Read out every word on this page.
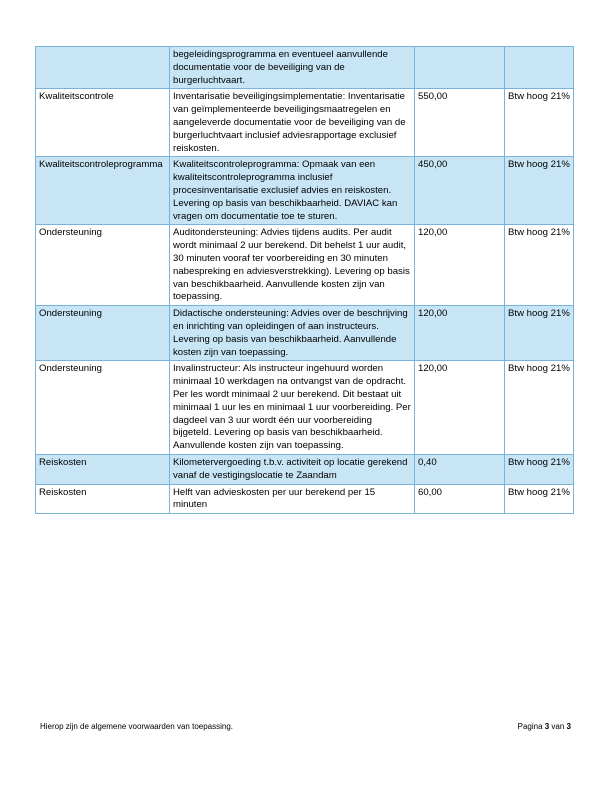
	begeleidingsprogramma en eventueel aanvullende documentatie voor de beveiliging van de burgerluchtvaart.		
Kwaliteitscontrole	Inventarisatie beveiligingsimplementatie: Inventarisatie van geïmplementeerde beveiligingsmaatregelen en aangeleverde documentatie voor de beveiliging van de burgerluchtvaart inclusief adviesrapportage exclusief reiskosten.	550,00	Btw hoog 21%
Kwaliteitscontroleprogramma	Kwaliteitscontroleprogramma: Opmaak van een kwaliteitscontroleprogramma inclusief procesinventarisatie exclusief advies en reiskosten. Levering op basis van beschikbaarheid. DAVIAC kan vragen om documentatie toe te sturen.	450,00	Btw hoog 21%
Ondersteuning	Auditondersteuning: Advies tijdens audits. Per audit wordt minimaal 2 uur berekend. Dit behelst 1 uur audit, 30 minuten vooraf ter voorbereiding en 30 minuten nabespreking en adviesverstrekking). Levering op basis van beschikbaarheid. Aanvullende kosten zijn van toepassing.	120,00	Btw hoog 21%
Ondersteuning	Didactische ondersteuning: Advies over de beschrijving en inrichting van opleidingen of aan instructeurs. Levering op basis van beschikbaarheid. Aanvullende kosten zijn van toepassing.	120,00	Btw hoog 21%
Ondersteuning	Invalinstructeur: Als instructeur ingehuurd worden minimaal 10 werkdagen na ontvangst van de opdracht. Per les wordt minimaal 2 uur berekend. Dit bestaat uit minimaal 1 uur les en minimaal 1 uur voorbereiding. Per dagdeel van 3 uur wordt één uur voorbereiding bijgeteld. Levering op basis van beschikbaarheid. Aanvullende kosten zijn van toepassing.	120,00	Btw hoog 21%
Reiskosten	Kilometervergoeding t.b.v. activiteit op locatie gerekend vanaf de vestigingslocatie te Zaandam	0,40	Btw hoog 21%
Reiskosten	Helft van advieskosten per uur berekend per 15 minuten	60,00	Btw hoog 21%
Hierop zijn de algemene voorwaarden van toepassing.	Pagina 3 van 3
